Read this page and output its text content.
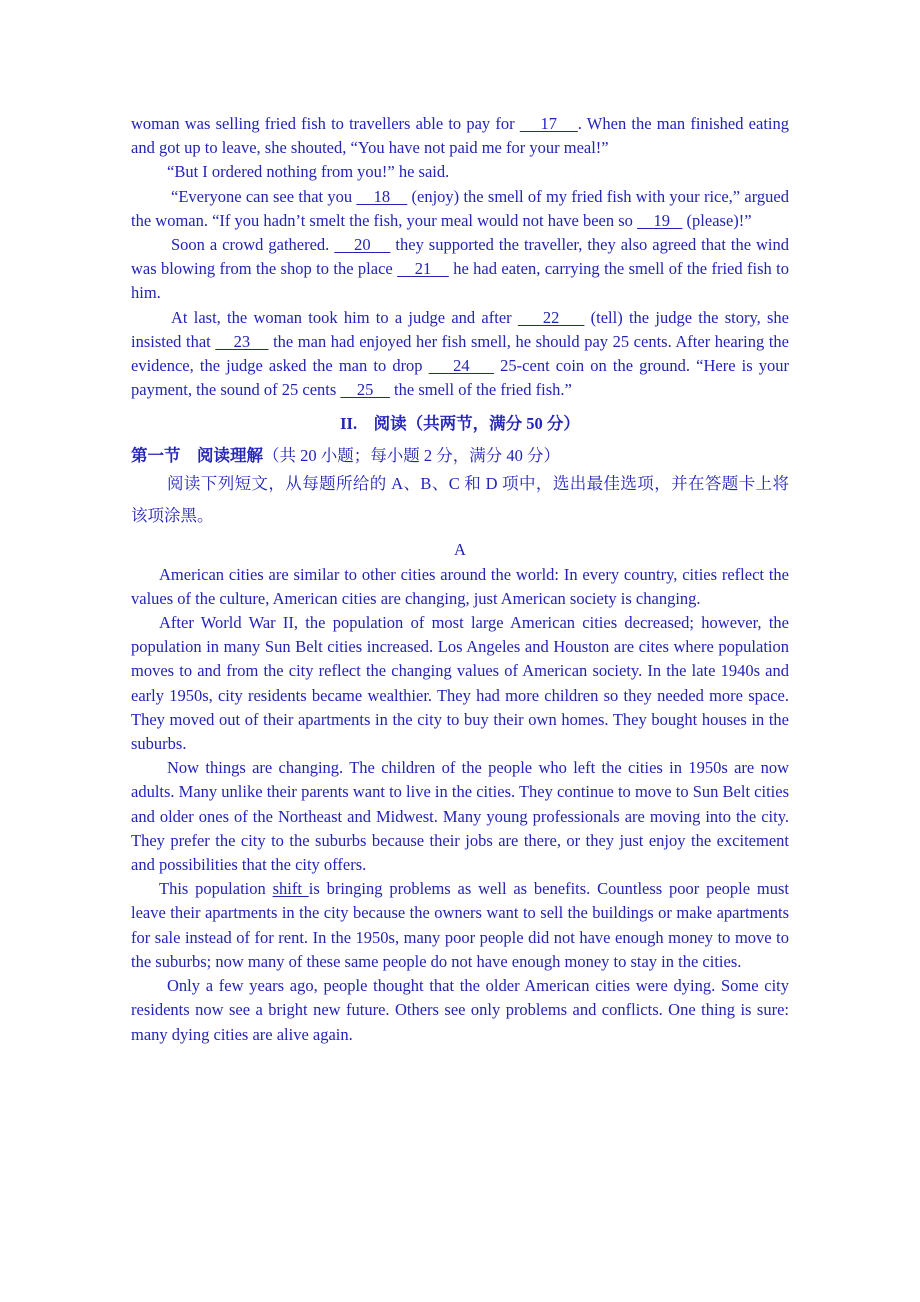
woman was selling fried fish to travellers able to pay for     17    . When the man finished eating and got up to leave, she shouted, “You have not paid me for your meal!”

“But I ordered nothing from you!” he said.

“Everyone can see that you     18     (enjoy) the smell of my fried fish with your rice,” argued the woman. “If you hadn’t smelt the fish, your meal would not have been so     19    (please)!”

Soon a crowd gathered.     20     they supported the traveller, they also agreed that the wind was blowing from the shop to the place     21     he had eaten, carrying the smell of the fried fish to him.

At last, the woman took him to a judge and after     22     (tell) the judge the story, she insisted that     23     the man had enjoyed her fish smell, he should pay 25 cents. After hearing the evidence, the judge asked the man to drop     24     25-cent coin on the ground. “Here is your payment, the sound of 25 cents     25     the smell of the fried fish.”

II.　阅读（共两节，满分 50 分）
第一节　阅读理解（共 20 小题；每小题 2 分，满分 40 分）
阅读下列短文，从每题所给的 A、B、C 和 D 项中，选出最佳选项，并在答题卡上将该项涂黑。

A

American cities are similar to other cities around the world: In every country, cities reflect the values of the culture, American cities are changing, just American society is changing.

After World War II, the population of most large American cities decreased; however, the population in many Sun Belt cities increased. Los Angeles and Houston are cites where population moves to and from the city reflect the changing values of American society. In the late 1940s and early 1950s, city residents became wealthier. They had more children so they needed more space. They moved out of their apartments in the city to buy their own homes. They bought houses in the suburbs.

Now things are changing. The children of the people who left the cities in 1950s are now adults. Many unlike their parents want to live in the cities. They continue to move to Sun Belt cities and older ones of the Northeast and Midwest. Many young professionals are moving into the city. They prefer the city to the suburbs because their jobs are there, or they just enjoy the excitement and possibilities that the city offers.

This population shift is bringing problems as well as benefits. Countless poor people must leave their apartments in the city because the owners want to sell the buildings or make apartments for sale instead of for rent. In the 1950s, many poor people did not have enough money to move to the suburbs; now many of these same people do not have enough money to stay in the cities.

Only a few years ago, people thought that the older American cities were dying. Some city residents now see a bright new future. Others see only problems and conflicts. One thing is sure: many dying cities are alive again.
